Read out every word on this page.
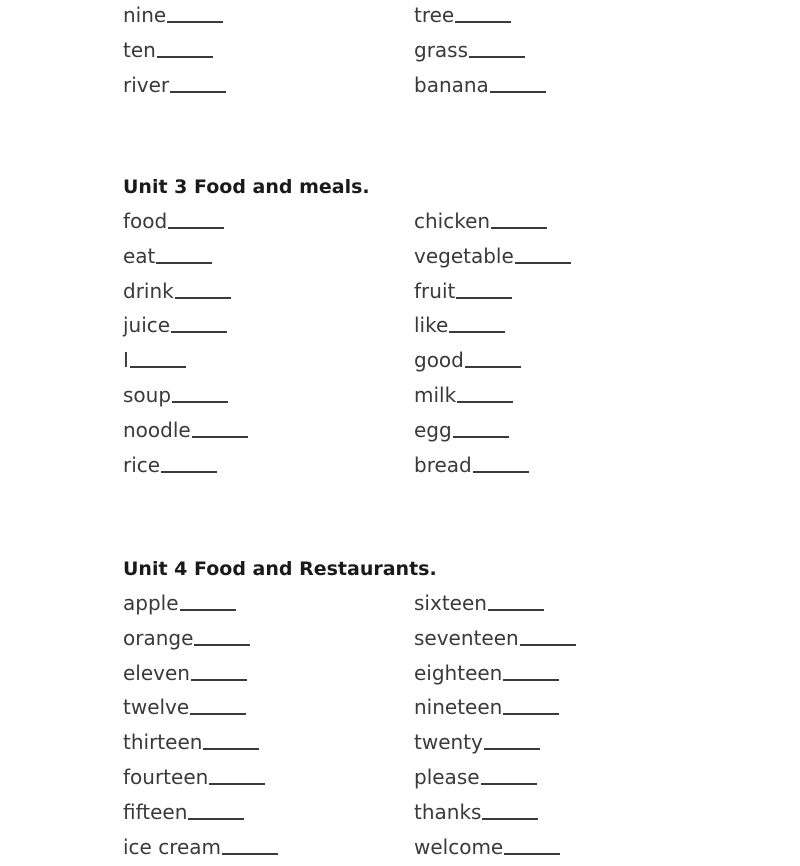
nine	tree
ten	grass
river	banana
Unit 3 Food and meals.
food	chicken
eat	vegetable
drink	fruit
juice	like
I	good
soup	milk
noodle	egg
rice	bread
Unit 4 Food and Restaurants.
apple	sixteen
orange	seventeen
eleven	eighteen
twelve	nineteen
thirteen	twenty
fourteen	please
fifteen	thanks
ice cream	welcome
